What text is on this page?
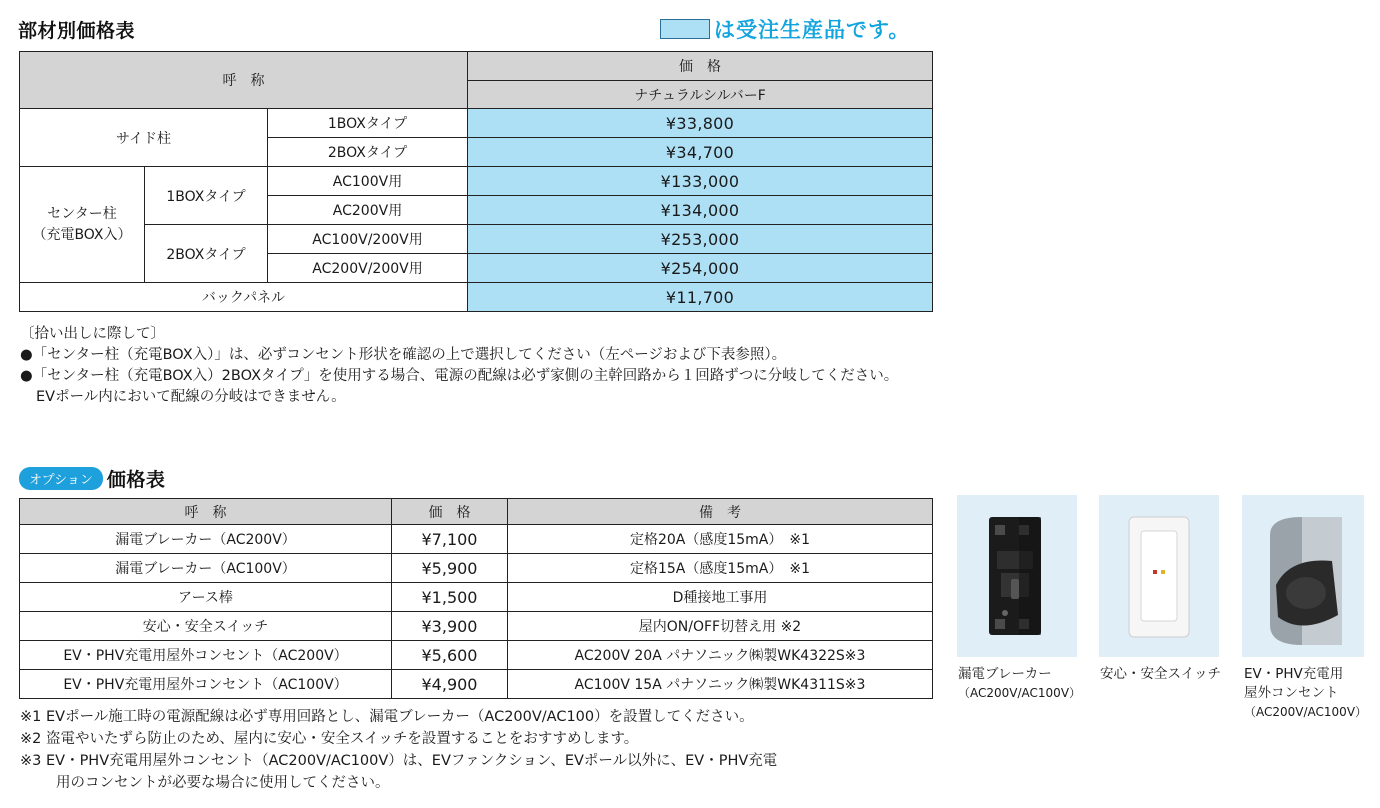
部材別価格表	は受注生産品です。
呼　称			価　格
			ナチュラルシルバーF
サイド柱		1BOXタイプ	¥33,800
		2BOXタイプ	¥34,700

センター柱
（充電BOX入）	1BOXタイプ	AC100V用	¥133,000
		AC200V用	¥134,000
	2BOXタイプ	AC100V/200V用	¥253,000
		AC200V/200V用	¥254,000
バックパネル			¥11,700
〔拾い出しに際して〕
●「センター柱（充電BOX入）」は、必ずコンセント形状を確認の上で選択してください（左ページおよび下表参照）。
●「センター柱（充電BOX入）2BOXタイプ」を使用する場合、電源の配線は必ず家側の主幹回路から１回路ずつに分岐してください。
EVポール内において配線の分岐はできません。
オプション 価格表
呼　称	価　格	備　考
漏電ブレーカー（AC200V）	¥7,100	定格20A（感度15mA）　※1
漏電ブレーカー（AC100V）	¥5,900	定格15A（感度15mA）　※1
アース棒	¥1,500	D種接地工事用
安心・安全スイッチ	¥3,900	屋内ON/OFF切替え用 ※2
EV・PHV充電用屋外コンセント（AC200V）	¥5,600	AC200V 20A パナソニック㈱製WK4322S※3
EV・PHV充電用屋外コンセント（AC100V）	¥4,900	AC100V 15A パナソニック㈱製WK4311S※3
※1 EVポール施工時の電源配線は必ず専用回路とし、漏電ブレーカー（AC200V/AC100）を設置してください。
※2 盗電やいたずら防止のため、屋内に安心・安全スイッチを設置することをおすすめします。
※3 EV・PHV充電用屋外コンセント（AC200V/AC100V）は、EVファンクション、EVポール以外に、EV・PHV充電
用のコンセントが必要な場合に使用してください。
漏電ブレーカー
（AC200V/AC100V）
安心・安全スイッチ	EV・PHV充電用
屋外コンセント
（AC200V/AC100V）
